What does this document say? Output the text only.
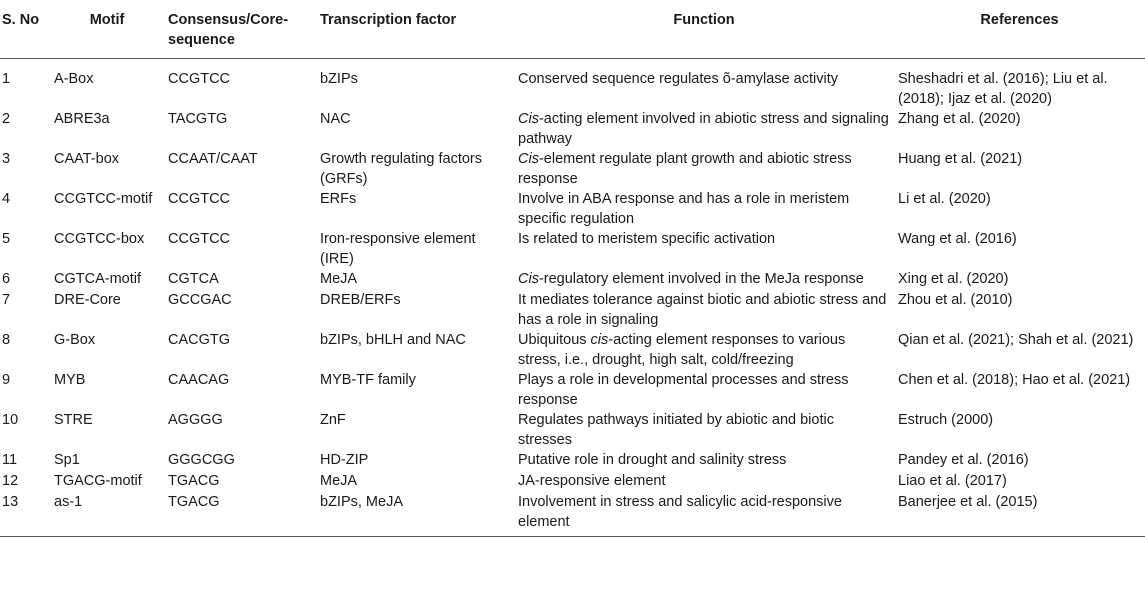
S. No	Motif	Consensus/Core-sequence	Transcription factor	Function	References
1	A-Box	CCGTCC	bZIPs	Conserved sequence regulates õ-amylase activity	Sheshadri et al. (2016); Liu et al. (2018); Ijaz et al. (2020)
2	ABRE3a	TACGTG	NAC	Cis-acting element involved in abiotic stress and signaling pathway	Zhang et al. (2020)
3	CAAT-box	CCAAT/CAAT	Growth regulating factors (GRFs)	Cis-element regulate plant growth and abiotic stress response	Huang et al. (2021)
4	CCGTCC-motif	CCGTCC	ERFs	Involve in ABA response and has a role in meristem specific regulation	Li et al. (2020)
5	CCGTCC-box	CCGTCC	Iron-responsive element (IRE)	Is related to meristem specific activation	Wang et al. (2016)
6	CGTCA-motif	CGTCA	MeJA	Cis-regulatory element involved in the MeJa response	Xing et al. (2020)
7	DRE-Core	GCCGAC	DREB/ERFs	It mediates tolerance against biotic and abiotic stress and has a role in signaling	Zhou et al. (2010)
8	G-Box	CACGTG	bZIPs, bHLH and NAC	Ubiquitous cis-acting element responses to various stress, i.e., drought, high salt, cold/freezing	Qian et al. (2021); Shah et al. (2021)
9	MYB	CAACAG	MYB-TF family	Plays a role in developmental processes and stress response	Chen et al. (2018); Hao et al. (2021)
10	STRE	AGGGG	ZnF	Regulates pathways initiated by abiotic and biotic stresses	Estruch (2000)
11	Sp1	GGGCGG	HD-ZIP	Putative role in drought and salinity stress	Pandey et al. (2016)
12	TGACG-motif	TGACG	MeJA	JA-responsive element	Liao et al. (2017)
13	as-1	TGACG	bZIPs, MeJA	Involvement in stress and salicylic acid-responsive element	Banerjee et al. (2015)
